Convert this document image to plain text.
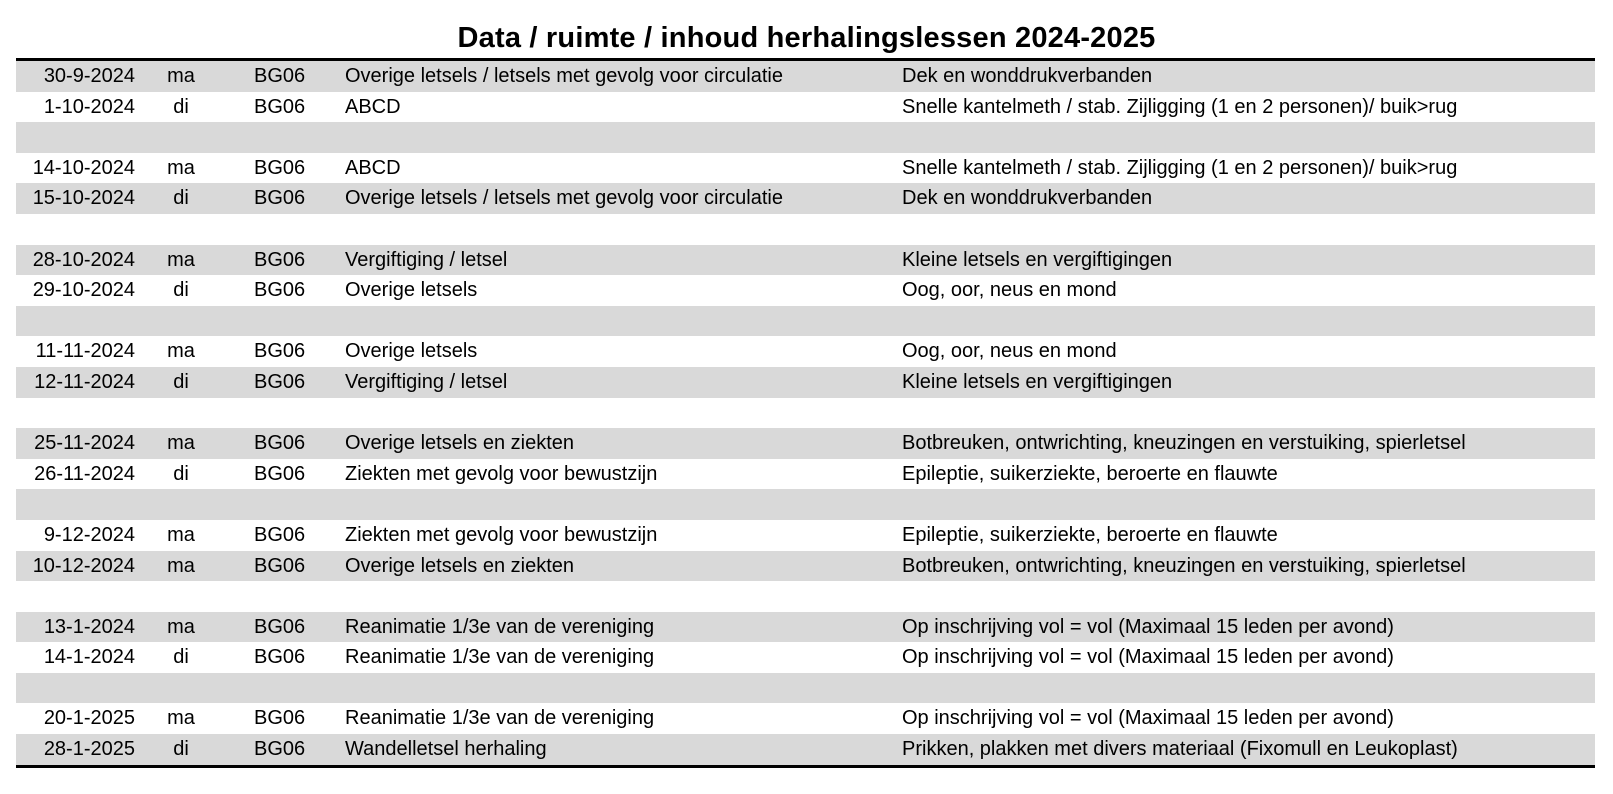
Data / ruimte / inhoud herhalingslessen 2024-2025
30-9-2024	ma	BG06	Overige letsels / letsels met gevolg voor circulatie	Dek en wonddrukverbanden
1-10-2024	di	BG06	ABCD	Snelle kantelmeth / stab. Zijligging (1 en 2 personen)/ buik>rug
14-10-2024	ma	BG06	ABCD	Snelle kantelmeth / stab. Zijligging (1 en 2 personen)/ buik>rug
15-10-2024	di	BG06	Overige letsels / letsels met gevolg voor circulatie	Dek en wonddrukverbanden
28-10-2024	ma	BG06	Vergiftiging / letsel	Kleine letsels en vergiftigingen
29-10-2024	di	BG06	Overige letsels	Oog, oor, neus en mond
11-11-2024	ma	BG06	Overige letsels	Oog, oor, neus en mond
12-11-2024	di	BG06	Vergiftiging / letsel	Kleine letsels en vergiftigingen
25-11-2024	ma	BG06	Overige letsels en ziekten	Botbreuken, ontwrichting, kneuzingen en verstuiking, spierletsel
26-11-2024	di	BG06	Ziekten met gevolg voor bewustzijn	Epileptie, suikerziekte, beroerte en flauwte
9-12-2024	ma	BG06	Ziekten met gevolg voor bewustzijn	Epileptie, suikerziekte, beroerte en flauwte
10-12-2024	ma	BG06	Overige letsels en ziekten	Botbreuken, ontwrichting, kneuzingen en verstuiking, spierletsel
13-1-2024	ma	BG06	Reanimatie 1/3e van de vereniging	Op inschrijving vol = vol (Maximaal 15 leden per avond)
14-1-2024	di	BG06	Reanimatie 1/3e van de vereniging	Op inschrijving vol = vol (Maximaal 15 leden per avond)
20-1-2025	ma	BG06	Reanimatie 1/3e van de vereniging	Op inschrijving vol = vol (Maximaal 15 leden per avond)
28-1-2025	di	BG06	Wandelletsel herhaling	Prikken, plakken met divers materiaal (Fixomull en Leukoplast)
